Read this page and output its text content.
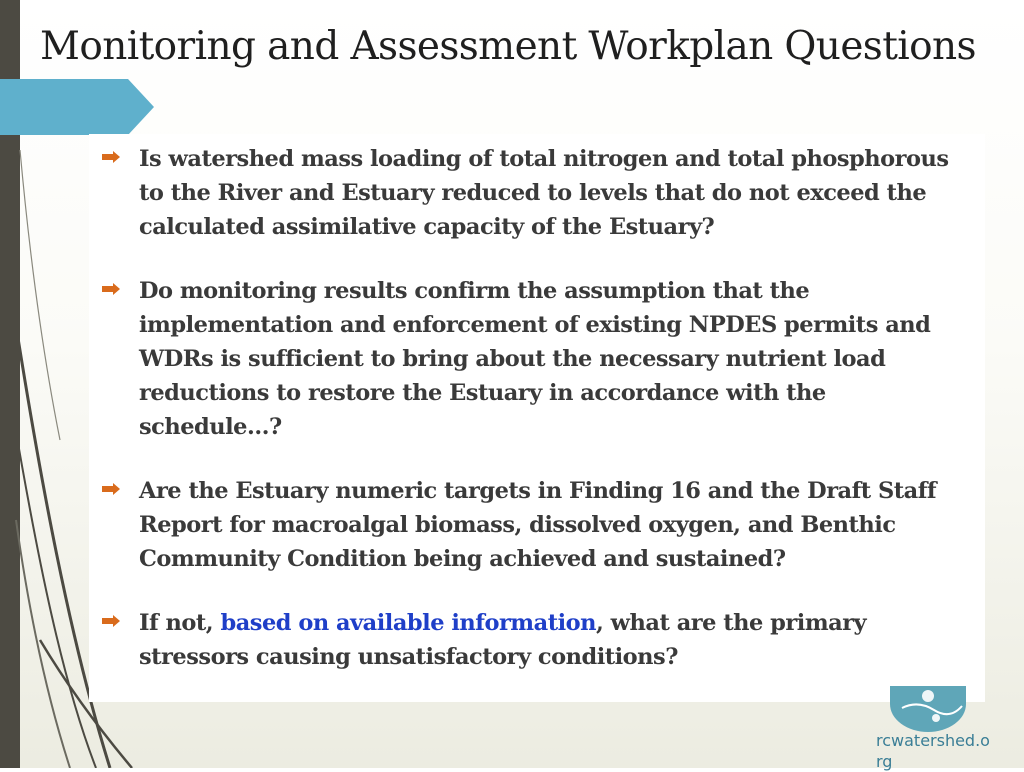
Monitoring and Assessment Workplan Questions
Is watershed mass loading of total nitrogen and total phosphorous to the River and Estuary reduced to levels that do not exceed the calculated assimilative capacity of the Estuary?
Do monitoring results confirm the assumption that the implementation and enforcement of existing NPDES permits and WDRs is sufficient to bring about the necessary nutrient load reductions to restore the Estuary in accordance with the schedule…?
Are the Estuary numeric targets in Finding 16 and the Draft Staff Report for macroalgal biomass, dissolved oxygen, and Benthic Community Condition being achieved and sustained?
If not, based on available information, what are the primary stressors causing unsatisfactory conditions?
rcwatershed.org
